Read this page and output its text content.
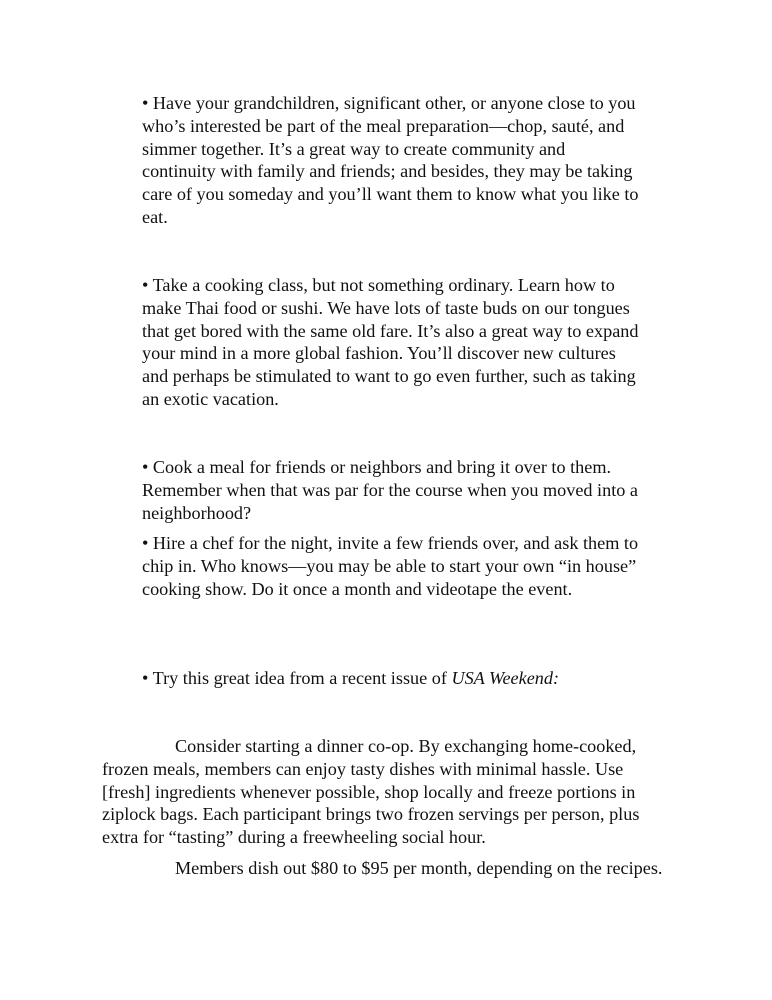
• Have your grandchildren, significant other, or anyone close to you who’s interested be part of the meal preparation—chop, sauté, and simmer together. It’s a great way to create community and continuity with family and friends; and besides, they may be taking care of you someday and you’ll want them to know what you like to eat.

• Take a cooking class, but not something ordinary. Learn how to make Thai food or sushi. We have lots of taste buds on our tongues that get bored with the same old fare. It’s also a great way to expand your mind in a more global fashion. You’ll discover new cultures and perhaps be stimulated to want to go even further, such as taking an exotic vacation.

• Cook a meal for friends or neighbors and bring it over to them. Remember when that was par for the course when you moved into a neighborhood?

• Hire a chef for the night, invite a few friends over, and ask them to chip in. Who knows—you may be able to start your own “in house” cooking show. Do it once a month and videotape the event.

• Try this great idea from a recent issue of USA Weekend:

Consider starting a dinner co-op. By exchanging home-cooked, frozen meals, members can enjoy tasty dishes with minimal hassle. Use [fresh] ingredients whenever possible, shop locally and freeze portions in ziplock bags. Each participant brings two frozen servings per person, plus extra for “tasting” during a freewheeling social hour.

Members dish out $80 to $95 per month, depending on the recipes.
